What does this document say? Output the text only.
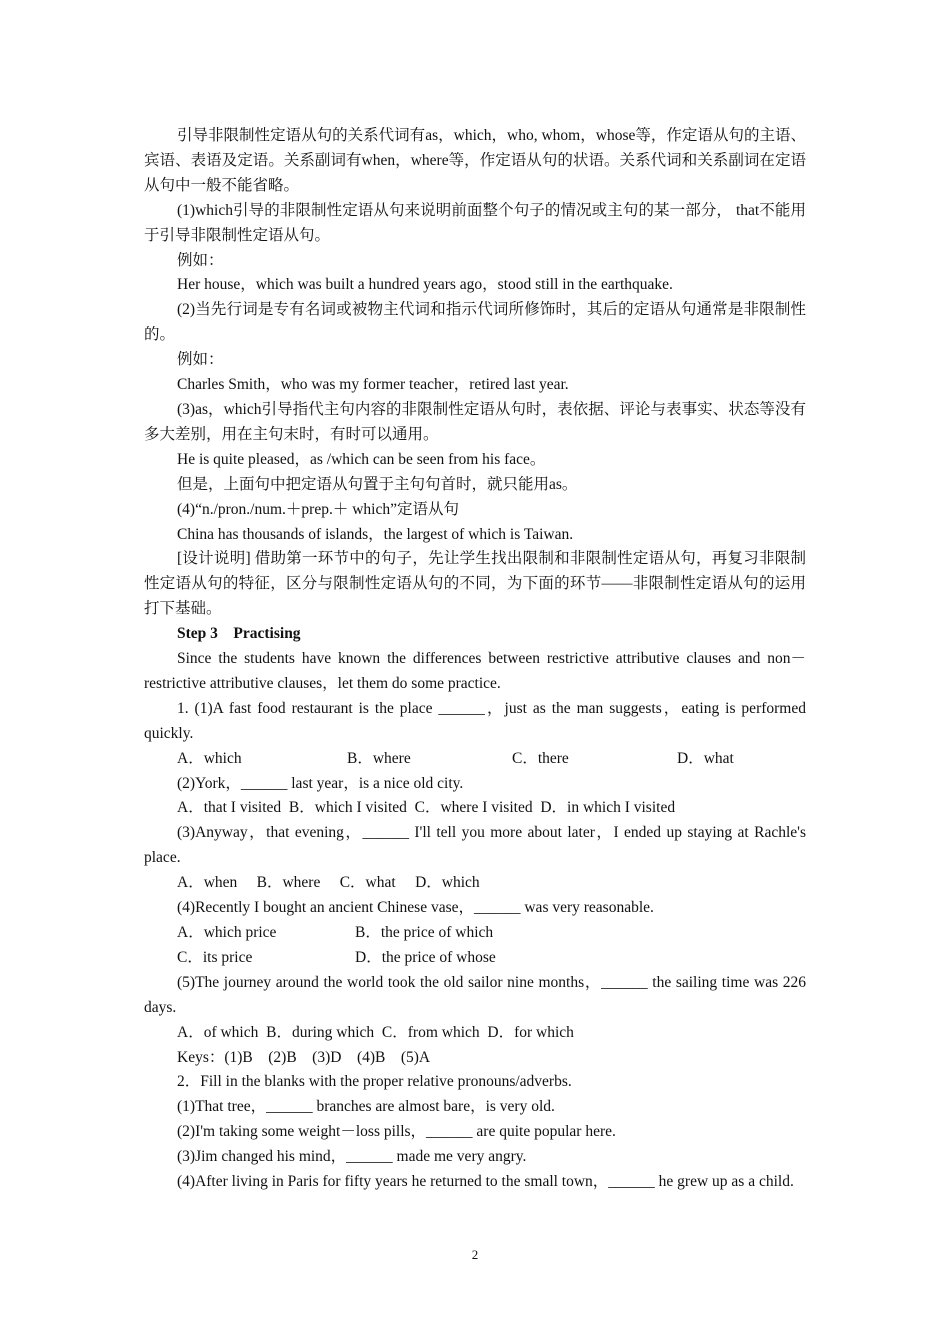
引导非限制性定语从句的关系代词有as，which，who, whom，whose等，作定语从句的主语、宾语、表语及定语。关系副词有when，where等，作定语从句的状语。关系代词和关系副词在定语从句中一般不能省略。

(1)which引导的非限制性定语从句来说明前面整个句子的情况或主句的某一部分， that不能用于引导非限制性定语从句。

例如：

Her house，which was built a hundred years ago，stood still in the earthquake.

(2)当先行词是专有名词或被物主代词和指示代词所修饰时，其后的定语从句通常是非限制性的。

例如：

Charles Smith，who was my former teacher，retired last year.

(3)as，which引导指代主句内容的非限制性定语从句时，表依据、评论与表事实、状态等没有多大差别，用在主句末时，有时可以通用。

He is quite pleased，as /which can be seen from his face。

但是，上面句中把定语从句置于主句句首时，就只能用as。

(4)“n./pron./num.＋prep.＋ which”定语从句

China has thousands of islands，the largest of which is Taiwan.

[设计说明] 借助第一环节中的句子，先让学生找出限制和非限制性定语从句，再复习非限制性定语从句的特征，区分与限制性定语从句的不同，为下面的环节——非限制性定语从句的运用打下基础。

Step 3　Practising

Since the students have known the differences between restrictive attributive clauses and non－restrictive attributive clauses，let them do some practice.

1. (1)A fast food restaurant is the place ______，just as the man suggests，eating is performed quickly.

A．which	B．where	C．there	D．what

(2)York，______ last year，is a nice old city.

A．that I visited  B．which I visited  C．where I visited  D．in which I visited

(3)Anyway，that evening，______ I'll tell you more about later，I ended up staying at Rachle's place.

A．when　 B．where　 C．what　 D．which

(4)Recently I bought an ancient Chinese vase，______ was very reasonable.

A．which price	B．the price of which

C．its price	D．the price of whose

(5)The journey around the world took the old sailor nine months，______ the sailing time was 226 days.

A．of which  B．during which  C．from which  D．for which

Keys：(1)B　(2)B　(3)D　(4)B　(5)A

2．Fill in the blanks with the proper relative pronouns/adverbs.

(1)That tree，______ branches are almost bare，is very old.

(2)I'm taking some weight－loss pills，______ are quite popular here.

(3)Jim changed his mind，______ made me very angry.

(4)After living in Paris for fifty years he returned to the small town，______ he grew up as a child.

2
